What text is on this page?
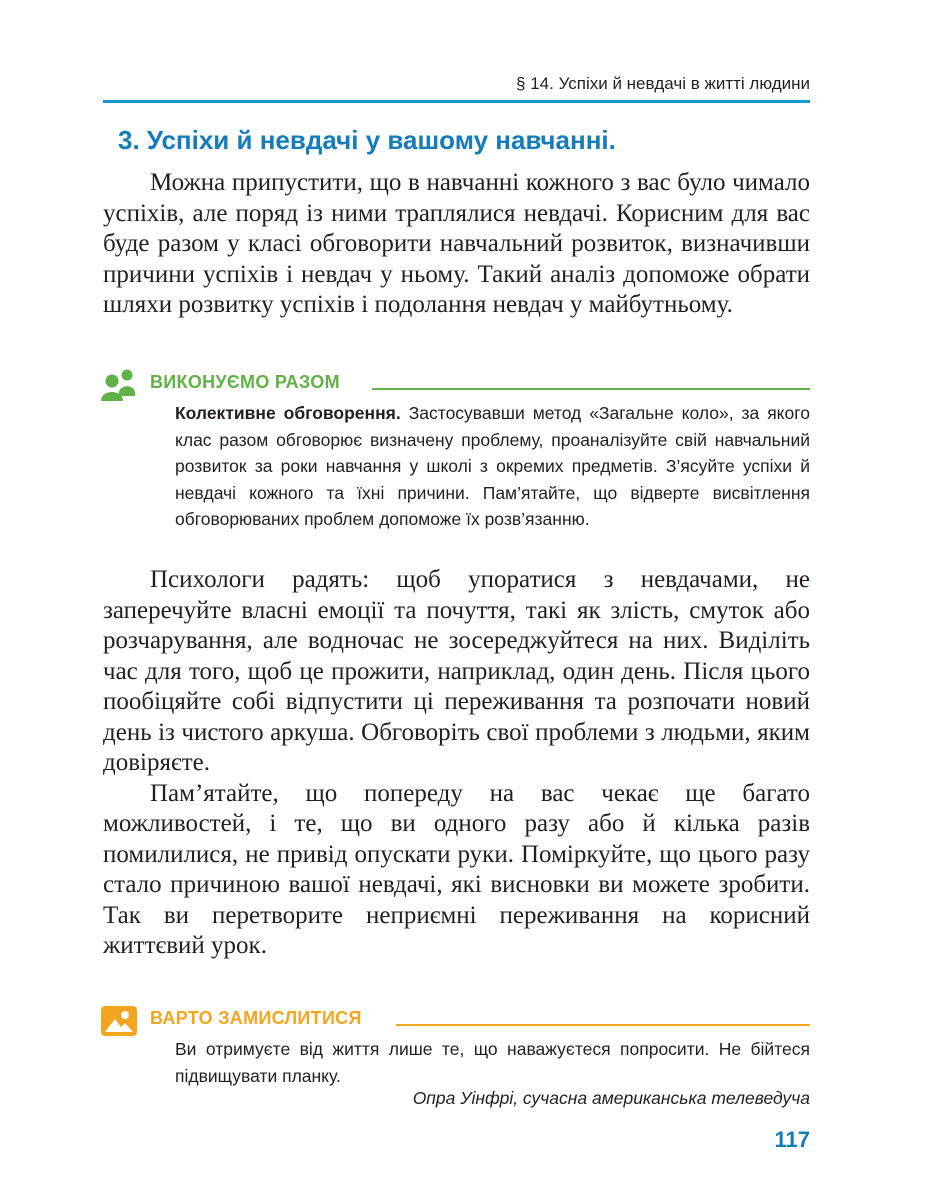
§ 14. Успіхи й невдачі в житті людини
3. Успіхи й невдачі у вашому навчанні.

Можна припустити, що в навчанні кожного з вас було чимало успіхів, але поряд із ними траплялися невдачі. Корисним для вас буде разом у класі обговорити навчальний розвиток, визначивши причини успіхів і невдач у ньому. Такий аналіз допоможе обрати шляхи розвитку успіхів і подолання невдач у майбутньому.

ВИКОНУЄМО РАЗОМ

Колективне обговорення. Застосувавши метод «Загальне коло», за якого клас разом обговорює визначену проблему, проаналізуйте свій навчальний розвиток за роки навчання у школі з окремих предметів. З’ясуйте успіхи й невдачі кожного та їхні причини. Пам’ятайте, що відверте висвітлення обговорюваних проблем допоможе їх розв’язанню.

Психологи радять: щоб упоратися з невдачами, не заперечуйте власні емоції та почуття, такі як злість, смуток або розчарування, але водночас не зосереджуйтеся на них. Виділіть час для того, щоб це прожити, наприклад, один день. Після цього пообіцяйте собі відпустити ці переживання та розпочати новий день із чистого аркуша. Обговоріть свої проблеми з людьми, яким довіряєте.

Пам’ятайте, що попереду на вас чекає ще багато можливостей, і те, що ви одного разу або й кілька разів помилилися, не привід опускати руки. Поміркуйте, що цього разу стало причиною вашої невдачі, які висновки ви можете зробити. Так ви перетворите неприємні переживання на корисний життєвий урок.

ВАРТО ЗАМИСЛИТИСЯ

Ви отримуєте від життя лише те, що наважуєтеся попросити. Не бійтеся підвищувати планку.

Опра Уінфрі, сучасна американська телеведуча
117
